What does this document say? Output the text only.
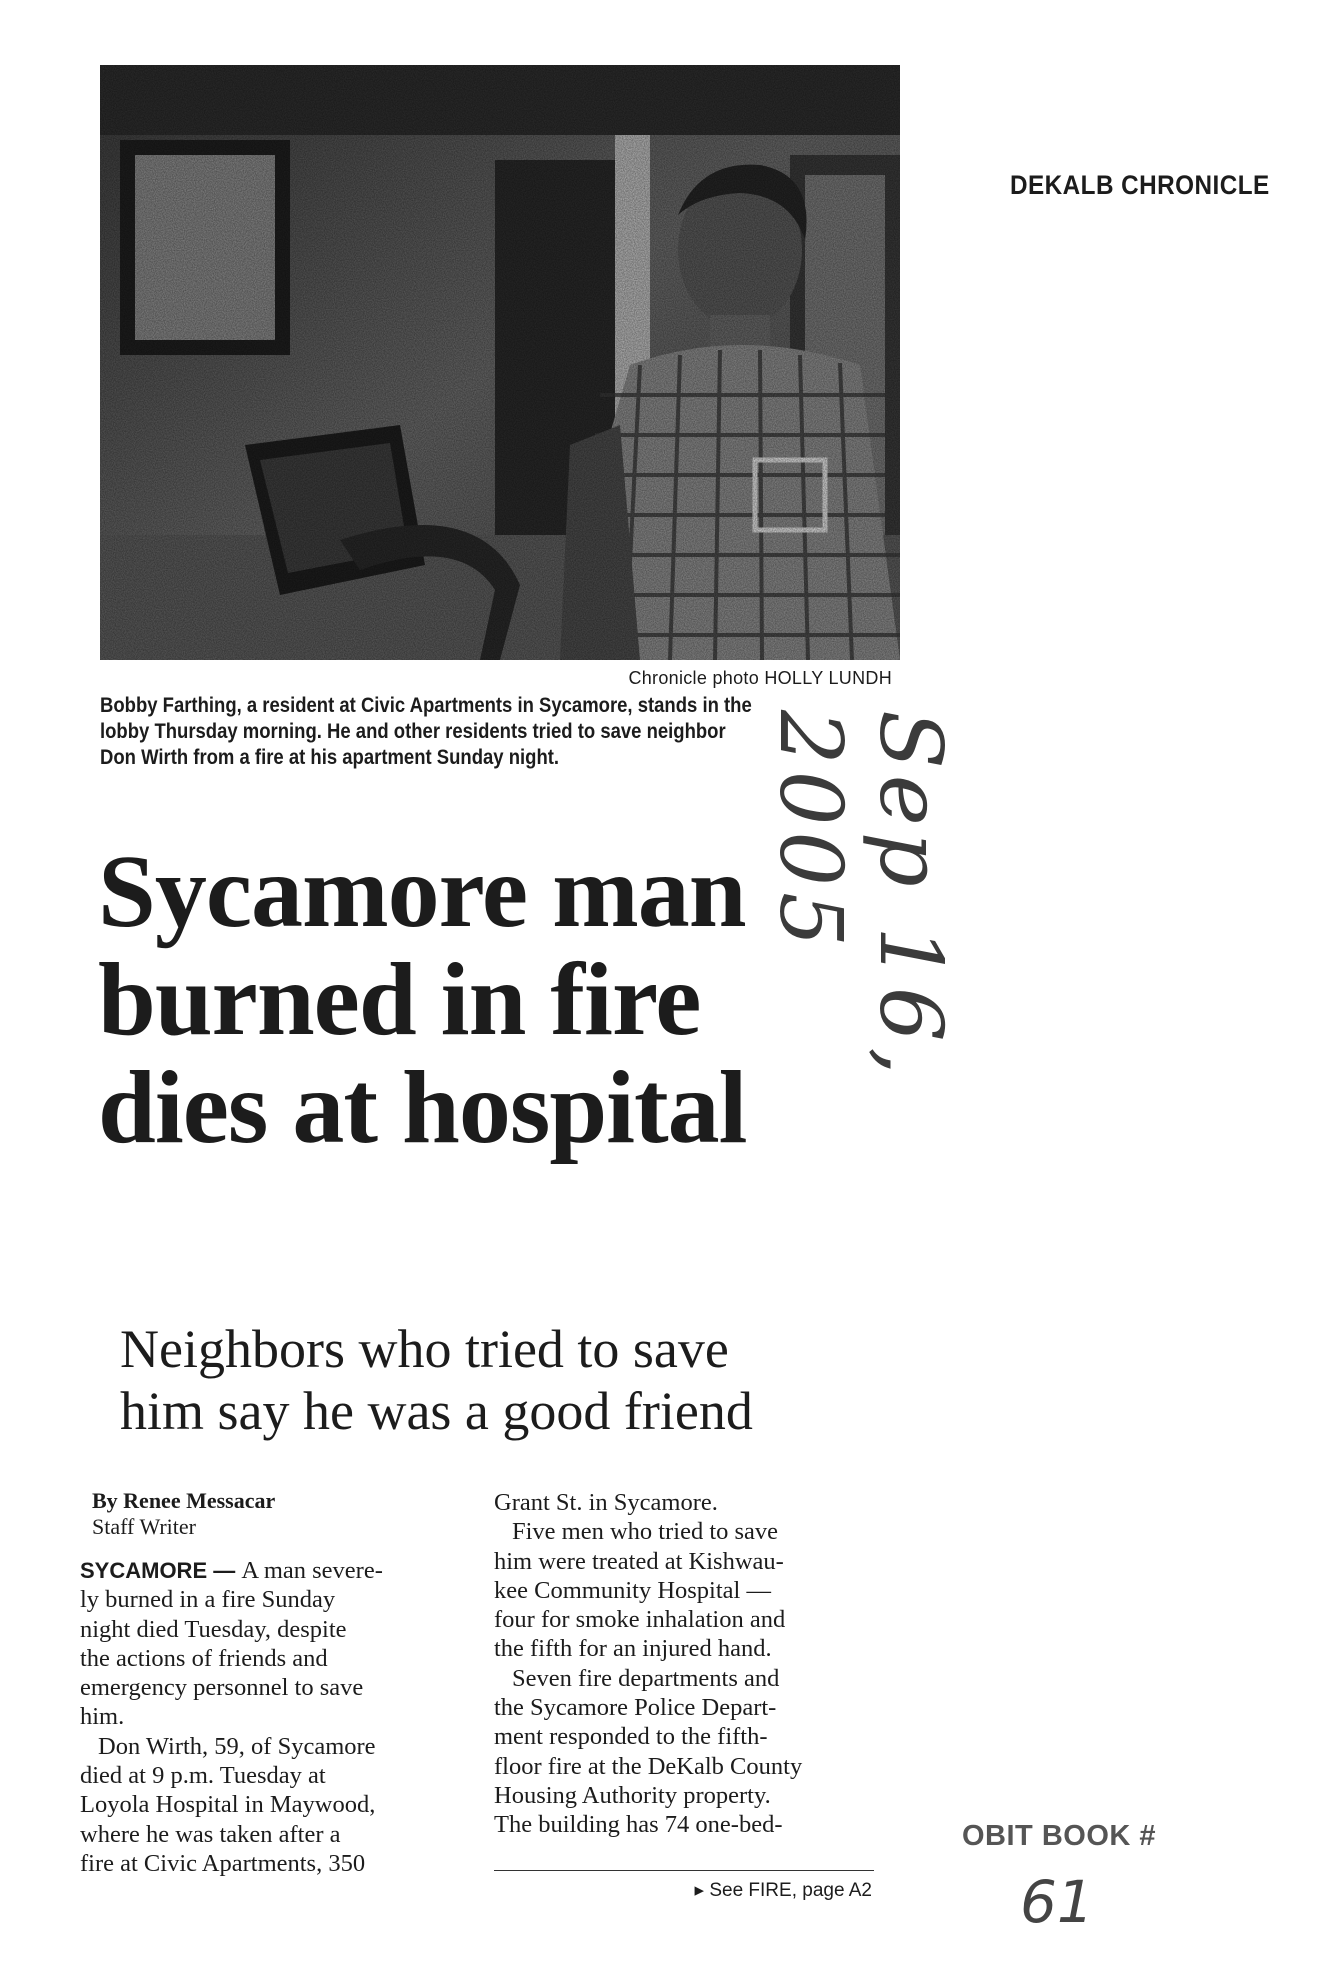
Chronicle photo HOLLY LUNDH
Bobby Farthing, a resident at Civic Apartments in Sycamore, stands in the
lobby Thursday morning. He and other residents tried to save neighbor
Don Wirth from a fire at his apartment Sunday night.
Sycamore man
burned in fire
dies at hospital
Neighbors who tried to save
him say he was a good friend
By Renee Messacar
Staff Writer
SYCAMORE — A man severe-
ly burned in a fire Sunday
night died Tuesday, despite
the actions of friends and
emergency personnel to save
him.
Don Wirth, 59, of Sycamore
died at 9 p.m. Tuesday at
Loyola Hospital in Maywood,
where he was taken after a
fire at Civic Apartments, 350
Grant St. in Sycamore.
Five men who tried to save
him were treated at Kishwau-
kee Community Hospital —
four for smoke inhalation and
the fifth for an injured hand.
Seven fire departments and
the Sycamore Police Depart-
ment responded to the fifth-
floor fire at the DeKalb County
Housing Authority property.
The building has 74 one-bed-
▸ See FIRE, page A2
DEKALB CHRONICLE
Sep 16, 2005
OBIT BOOK #
61
